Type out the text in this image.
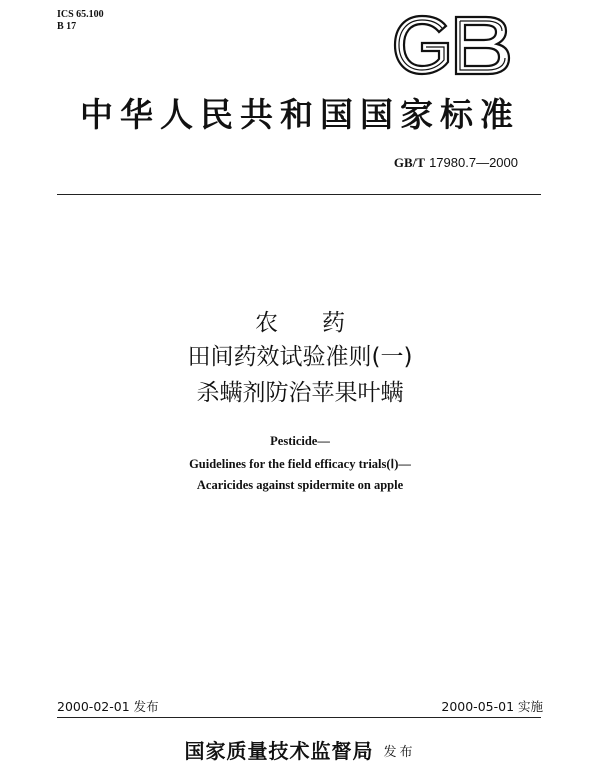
ICS 65.100
B 17
GB
中华人民共和国国家标准
GB/T 17980.7—2000
农 药
田间药效试验准则(一)
杀螨剂防治苹果叶螨
Pesticide—
Guidelines for the field efficacy trials(Ⅰ)—
Acaricides against spidermite on apple
2000-02-01 发布	2000-05-01 实施
国家质量技术监督局 发布
